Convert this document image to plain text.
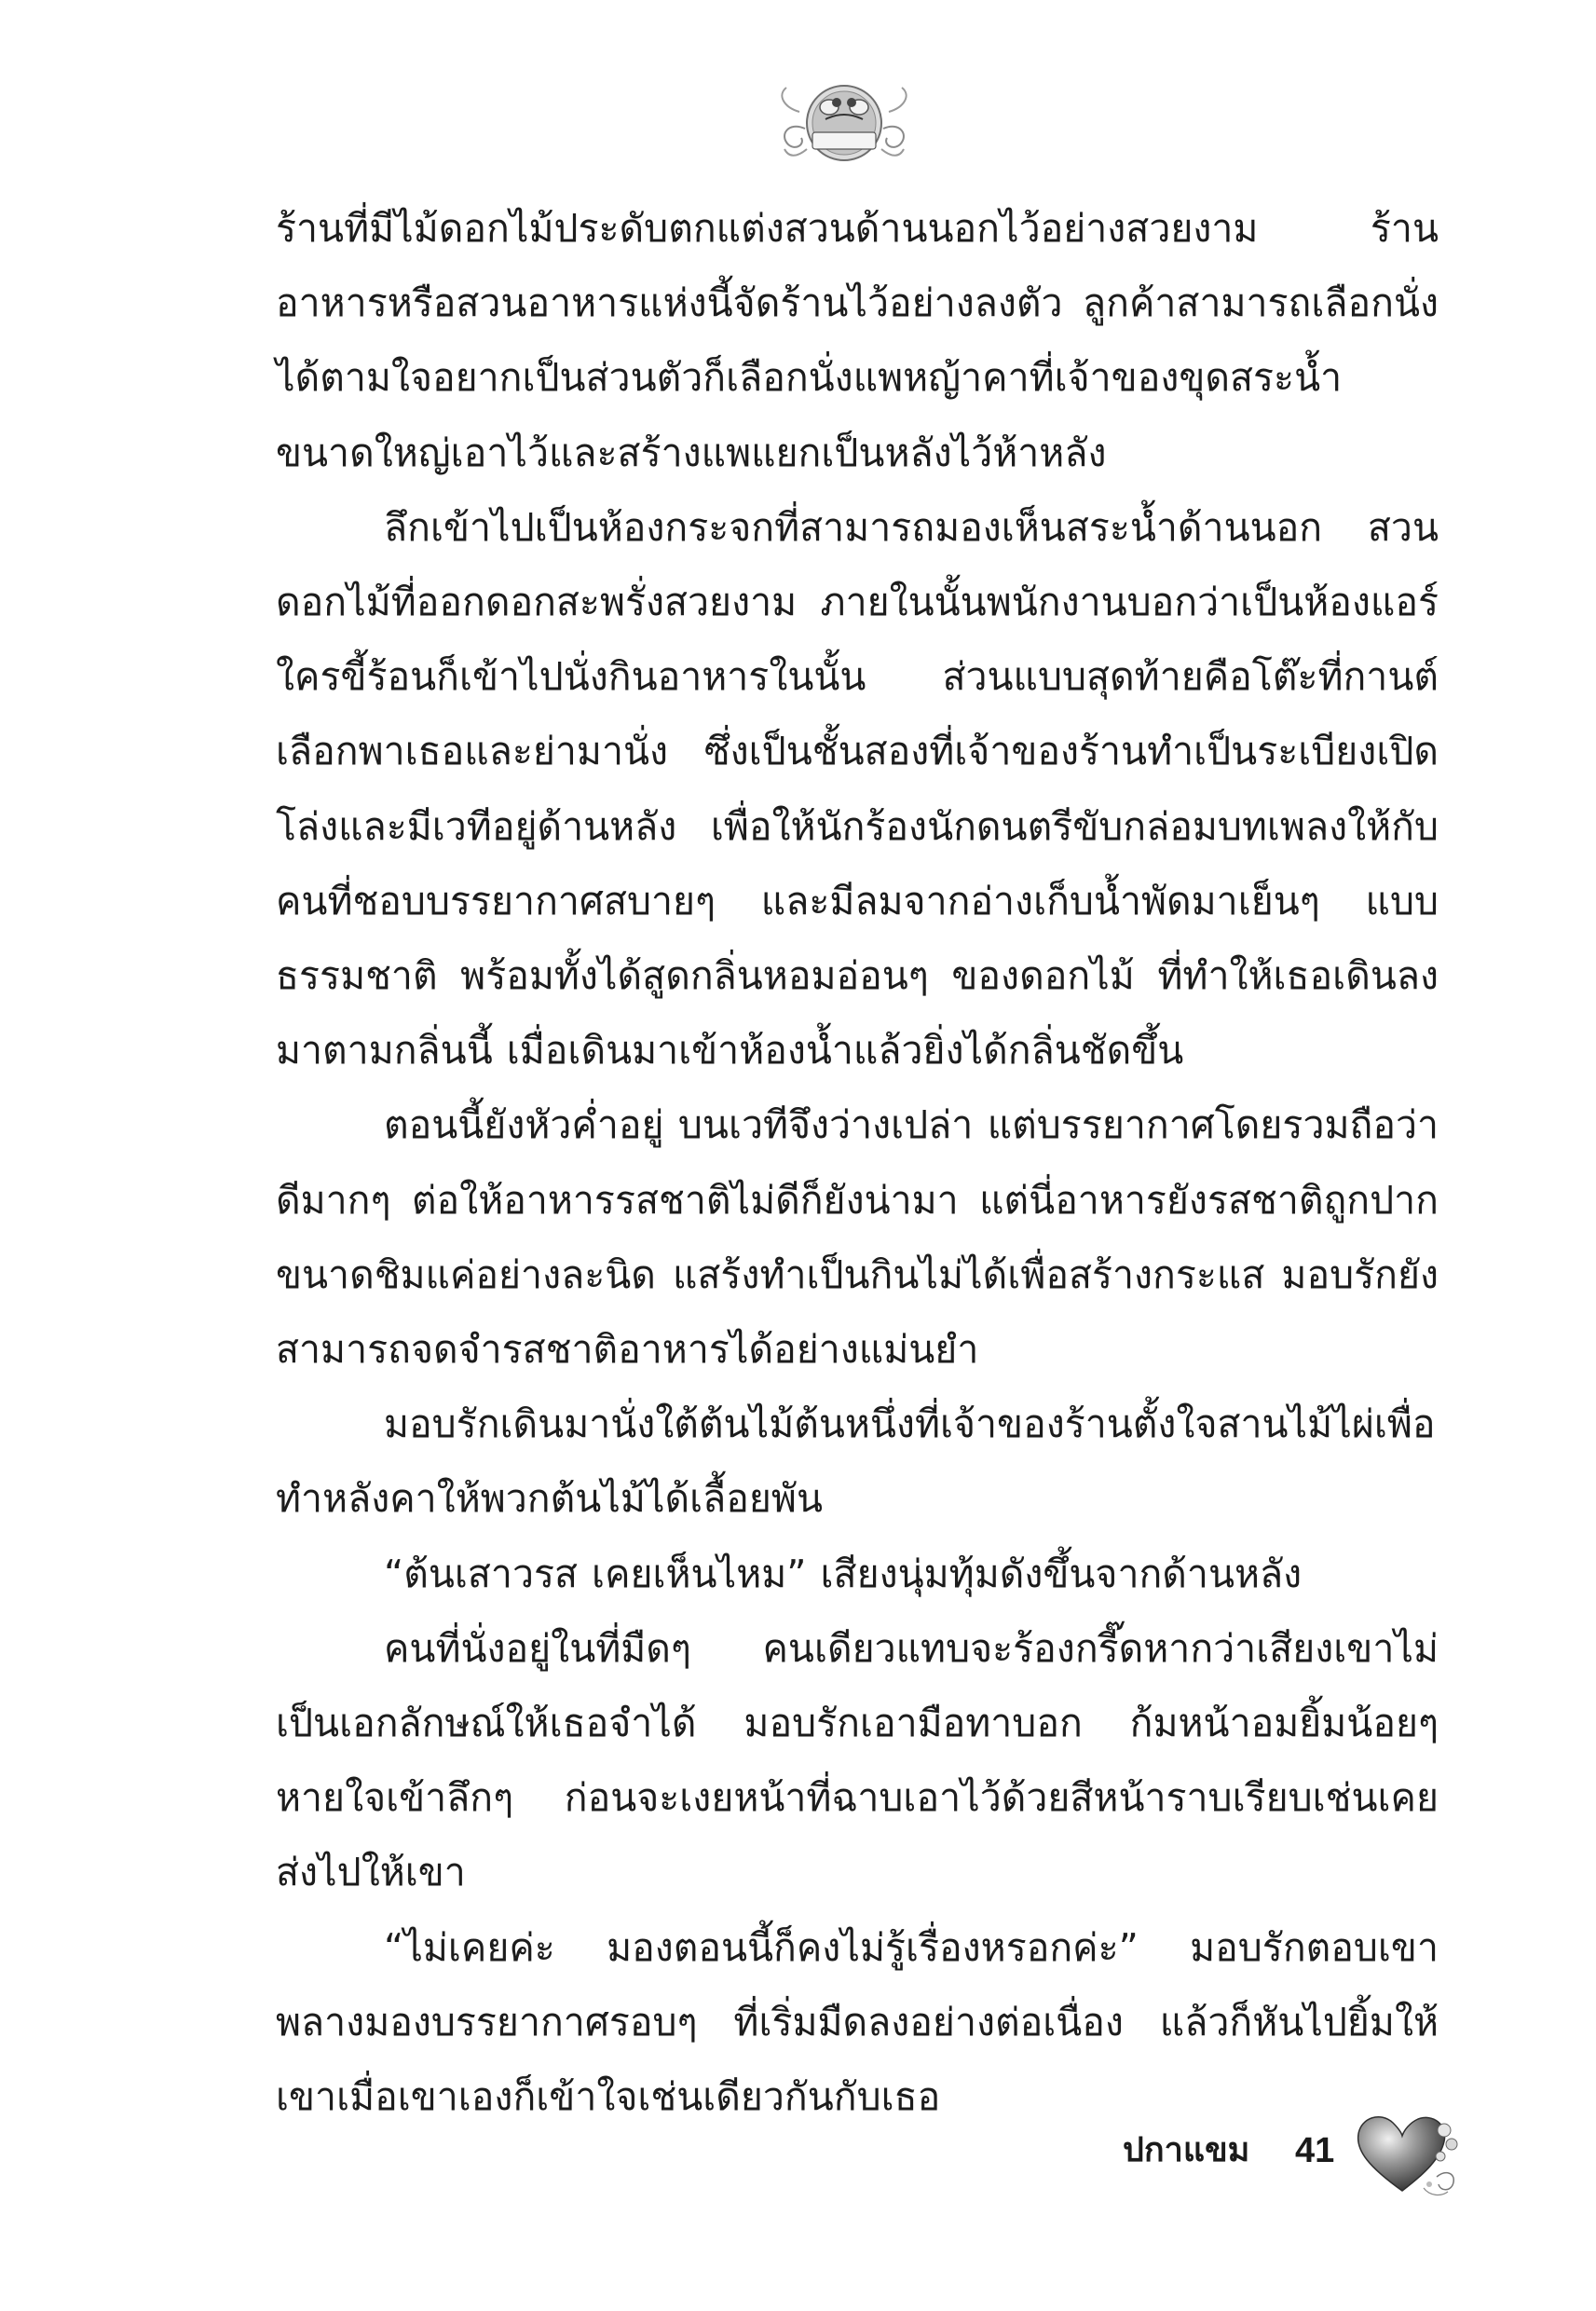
ร้านที่มีไม้ดอกไม้ประดับตกแต่งสวนด้านนอกไว้อย่างสวยงาม ร้านอาหารหรือสวนอาหารแห่งนี้จัดร้านไว้อย่างลงตัว ลูกค้าสามารถเลือกนั่งได้ตามใจอยากเป็นส่วนตัวก็เลือกนั่งแพหญ้าคาที่เจ้าของขุดสระน้ำขนาดใหญ่เอาไว้และสร้างแพแยกเป็นหลังไว้ห้าหลัง

ลึกเข้าไปเป็นห้องกระจกที่สามารถมองเห็นสระน้ำด้านนอก สวนดอกไม้ที่ออกดอกสะพรั่งสวยงาม ภายในนั้นพนักงานบอกว่าเป็นห้องแอร์ใครขี้ร้อนก็เข้าไปนั่งกินอาหารในนั้น ส่วนแบบสุดท้ายคือโต๊ะที่กานต์เลือกพาเธอและย่ามานั่ง ซึ่งเป็นชั้นสองที่เจ้าของร้านทำเป็นระเบียงเปิดโล่งและมีเวทีอยู่ด้านหลัง เพื่อให้นักร้องนักดนตรีขับกล่อมบทเพลงให้กับคนที่ชอบบรรยากาศสบายๆ และมีลมจากอ่างเก็บน้ำพัดมาเย็นๆ แบบธรรมชาติ พร้อมทั้งได้สูดกลิ่นหอมอ่อนๆ ของดอกไม้ ที่ทำให้เธอเดินลงมาตามกลิ่นนี้ เมื่อเดินมาเข้าห้องน้ำแล้วยิ่งได้กลิ่นชัดขึ้น

ตอนนี้ยังหัวค่ำอยู่ บนเวทีจึงว่างเปล่า แต่บรรยากาศโดยรวมถือว่าดีมากๆ ต่อให้อาหารรสชาติไม่ดีก็ยังน่ามา แต่นี่อาหารยังรสชาติถูกปากขนาดชิมแค่อย่างละนิด แสร้งทำเป็นกินไม่ได้เพื่อสร้างกระแส มอบรักยังสามารถจดจำรสชาติอาหารได้อย่างแม่นยำ

มอบรักเดินมานั่งใต้ต้นไม้ต้นหนึ่งที่เจ้าของร้านตั้งใจสานไม้ไผ่เพื่อทำหลังคาให้พวกต้นไม้ได้เลื้อยพัน

“ต้นเสาวรส เคยเห็นไหม” เสียงนุ่มทุ้มดังขึ้นจากด้านหลัง

คนที่นั่งอยู่ในที่มืดๆ คนเดียวแทบจะร้องกรี๊ดหากว่าเสียงเขาไม่เป็นเอกลักษณ์ให้เธอจำได้ มอบรักเอามือทาบอก ก้มหน้าอมยิ้มน้อยๆหายใจเข้าลึกๆ ก่อนจะเงยหน้าที่ฉาบเอาไว้ด้วยสีหน้าราบเรียบเช่นเคยส่งไปให้เขา

“ไม่เคยค่ะ มองตอนนี้ก็คงไม่รู้เรื่องหรอกค่ะ” มอบรักตอบเขาพลางมองบรรยากาศรอบๆ ที่เริ่มมืดลงอย่างต่อเนื่อง แล้วก็หันไปยิ้มให้เขาเมื่อเขาเองก็เข้าใจเช่นเดียวกันกับเธอ

ปกาแขม 41
